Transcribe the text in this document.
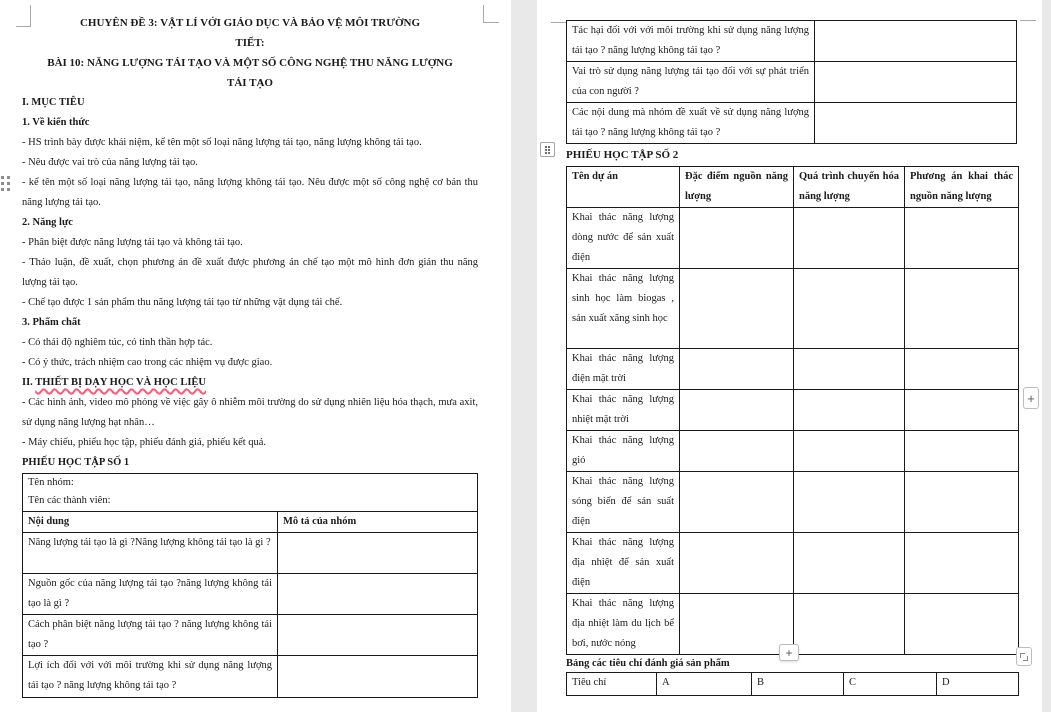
CHUYÊN ĐỀ 3: VẬT LÍ VỚI GIÁO DỤC VÀ BẢO VỆ MÔI TRƯỜNG

TIẾT:

BÀI 10: NĂNG LƯỢNG TÁI TẠO VÀ MỘT SỐ CÔNG NGHỆ THU NĂNG LƯỢNG

TÁI TẠO

I. MỤC TIÊU

1. Về kiến thức

- HS trình bày được khái niệm, kể tên một số loại năng lượng tái tạo, năng lượng không tái tạo.

- Nêu được vai trò của năng lượng tái tạo.

- kể tên một số loại năng lượng tái tạo, năng lượng không tái tạo. Nêu được một số công nghệ cơ bản thu năng lượng tái tạo.

2. Năng lực

- Phân biệt được năng lượng tái tạo và không tái tạo.

- Thảo luận, đề xuất, chọn phương án đề xuất được phương án chế tạo một mô hình đơn giản thu năng lượng tái tạo.

- Chế tạo được 1 sản phẩm thu năng lượng tái tạo từ những vật dụng tái chế.

3. Phẩm chất

- Có thái độ nghiêm túc, có tinh thần hợp tác.

- Có ý thức, trách nhiệm cao trong các nhiệm vụ được giao.

II. THIẾT BỊ DẠY HỌC VÀ HỌC LIỆU

- Các hình ảnh, video mô phỏng về việc gây ô nhiễm môi trường do sử dụng nhiên liệu hóa thạch, mưa axit, sử dụng năng lượng hạt nhân…

- Máy chiếu, phiếu học tập, phiếu đánh giá, phiếu kết quả.

PHIẾU HỌC TẬP SỐ 1

Tên nhóm:
Tên các thành viên:	

Nội dung	Mô tả của nhóm
Năng lượng tái tạo là gì ?Năng lượng không tái tạo là gì ?	
Nguồn gốc của năng lượng tái tạo ?năng lượng không tái tạo là gì ?	
Cách phân biệt năng lượng tái tạo ? năng lượng không tái tạo ?	
Lợi ích đối với với môi trường khi sử dụng năng lượng tái tạo ? năng lượng không tái tạo ?	
Tác hại đối với với môi trường khi sử dụng năng lượng tái tạo ? năng lượng không tái tạo ?	
Vai trò sử dụng năng lượng tái tạo đối với sự phát triển của con người ?	
Các nội dung mà nhóm đề xuất về sử dụng năng lượng tái tạo ? năng lượng không tái tạo ?	

PHIẾU HỌC TẬP SỐ 2

Tên dự án	Đặc điểm nguồn năng lượng	Quá trình chuyển hóa năng lượng	Phương án khai thác nguồn năng lượng
Khai thác năng lượng dòng nước để sản xuất điện			
Khai thác năng lượng sinh học làm biogas , sản xuất xăng sinh học			
Khai thác năng lượng điện mặt trời			
Khai thác năng lượng nhiệt mặt trời			
Khai thác năng lượng gió			
Khai thác năng lượng sóng biển để sản suất điện			
Khai thác năng lượng địa nhiệt để sản xuất điện			
Khai thác năng lượng địa nhiệt làm du lịch bể bơi, nước nóng			

Bảng các tiêu chí đánh giá sản phẩm

Tiêu chí	A	B	C	D
+
+
